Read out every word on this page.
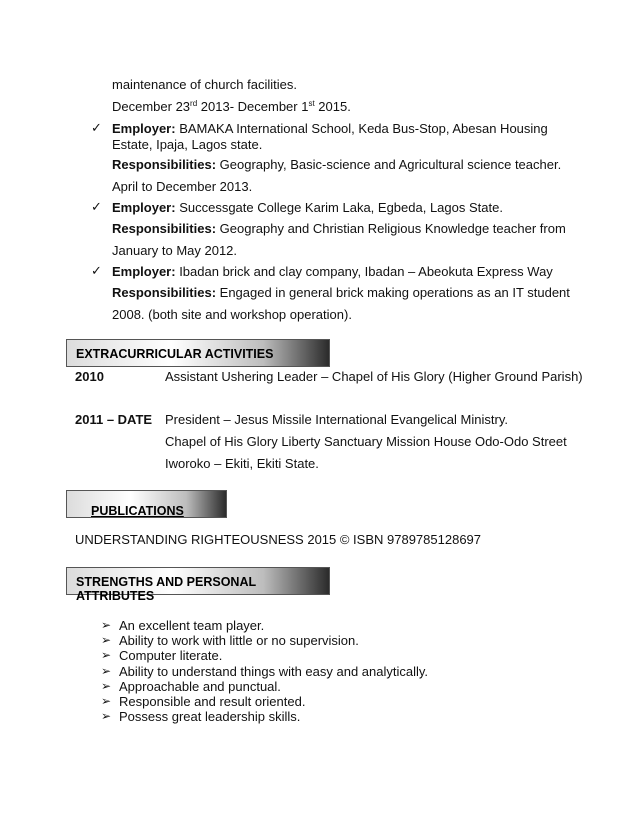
maintenance of church facilities.
December 23rd 2013- December 1st 2015.
✓ Employer: BAMAKA International School, Keda Bus-Stop, Abesan Housing
Estate, Ipaja, Lagos state.
Responsibilities: Geography, Basic-science and Agricultural science teacher.
April to December 2013.
✓ Employer: Successgate College Karim Laka, Egbeda, Lagos State.
Responsibilities: Geography and Christian Religious Knowledge teacher from
January to May 2012.
✓ Employer: Ibadan brick and clay company, Ibadan – Abeokuta Express Way
Responsibilities: Engaged in general brick making operations as an IT student
2008. (both site and workshop operation).
EXTRACURRICULAR ACTIVITIES
2010	Assistant Ushering Leader – Chapel of His Glory (Higher Ground Parish)
2011 – DATE President – Jesus Missile International Evangelical Ministry.
Chapel of His Glory Liberty Sanctuary Mission House Odo-Odo Street
Iworoko – Ekiti, Ekiti State.
PUBLICATIONS
UNDERSTANDING RIGHTEOUSNESS 2015 © ISBN 9789785128697
STRENGTHS AND PERSONAL ATTRIBUTES
➢ An excellent team player.
➢ Ability to work with little or no supervision.
➢ Computer literate.
➢ Ability to understand things with easy and analytically.
➢ Approachable and punctual.
➢ Responsible and result oriented.
➢ Possess great leadership skills.
